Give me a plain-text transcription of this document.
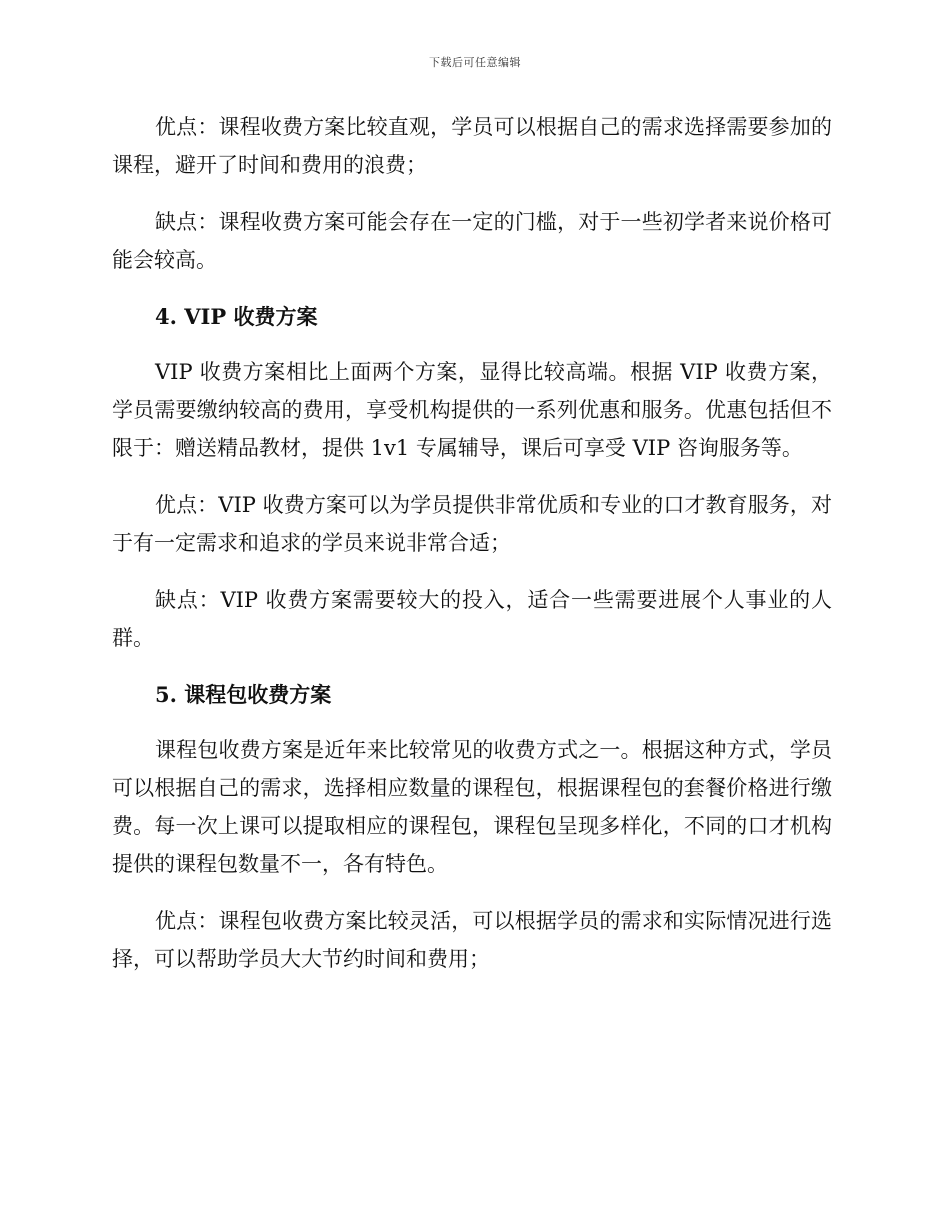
下载后可任意编辑

优点：课程收费方案比较直观，学员可以根据自己的需求选择需要参加的课程，避开了时间和费用的浪费；

缺点：课程收费方案可能会存在一定的门槛，对于一些初学者来说价格可能会较高。

4. VIP 收费方案

VIP 收费方案相比上面两个方案，显得比较高端。根据 VIP 收费方案，学员需要缴纳较高的费用，享受机构提供的一系列优惠和服务。优惠包括但不限于：赠送精品教材，提供 1v1 专属辅导，课后可享受 VIP 咨询服务等。

优点：VIP 收费方案可以为学员提供非常优质和专业的口才教育服务，对于有一定需求和追求的学员来说非常合适；

缺点：VIP 收费方案需要较大的投入，适合一些需要进展个人事业的人群。

5. 课程包收费方案

课程包收费方案是近年来比较常见的收费方式之一。根据这种方式，学员可以根据自己的需求，选择相应数量的课程包，根据课程包的套餐价格进行缴费。每一次上课可以提取相应的课程包，课程包呈现多样化，不同的口才机构提供的课程包数量不一，各有特色。

优点：课程包收费方案比较灵活，可以根据学员的需求和实际情况进行选择，可以帮助学员大大节约时间和费用；
